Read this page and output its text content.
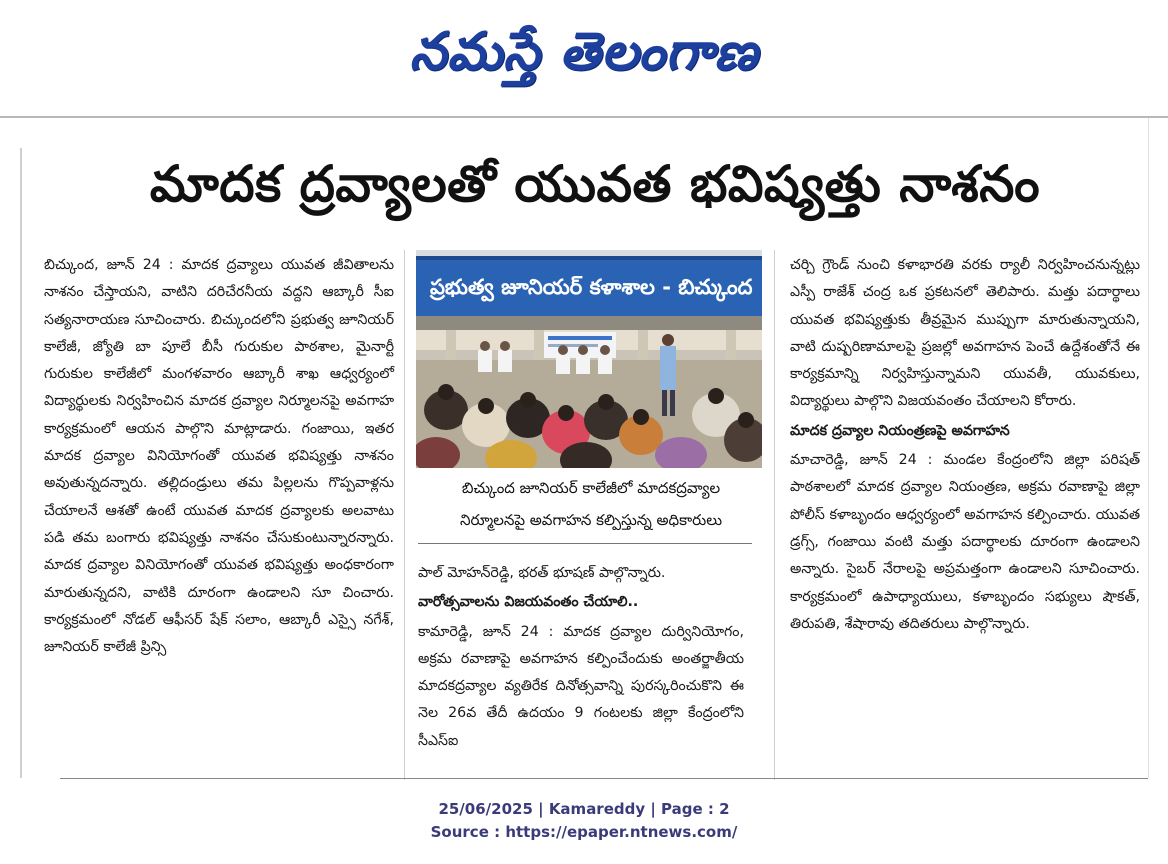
నమస్తే తెలంగాణ
మాదక ద్రవ్యాలతో యువత భవిష్యత్తు నాశనం

బిచ్కుంద, జూన్ 24 : మాదక ద్రవ్యాలు యువత జీవితాలను నాశనం చేస్తాయని, వాటిని దరిచేరనీయ వద్దని ఆబ్కారీ సీఐ సత్యనారాయణ సూచించారు. బిచ్కుందలోని ప్రభుత్వ జూనియర్ కాలేజీ, జ్యోతి బా పూలే బీసీ గురుకుల పాఠశాల, మైనార్టీ గురుకుల కాలేజీలో మంగళవారం ఆబ్కారీ శాఖ ఆధ్వర్యంలో విద్యార్థులకు నిర్వహించిన మాదక ద్రవ్యాల నిర్మూలనపై అవగాహ కార్యక్రమంలో ఆయన పాల్గొని మాట్లాడారు. గంజాయి, ఇతర మాదక ద్రవ్యాల వినియోగంతో యువత భవిష్యత్తు నాశనం అవుతున్నదన్నారు. తల్లిదండ్రులు తమ పిల్లలను గొప్పవాళ్లను చేయాలనే ఆశతో ఉంటే యువత మాదక ద్రవ్యాలకు అలవాటు పడి తమ బంగారు భవిష్యత్తు నాశనం చేసుకుంటున్నారన్నారు. మాదక ద్రవ్యాల వినియోగంతో యువత భవిష్యత్తు అంధకారంగా మారుతున్నదని, వాటికి దూరంగా ఉండాలని సూ చించారు. కార్యక్రమంలో నోడల్ ఆఫీసర్ షేక్ సలాం, ఆబ్కారీ ఎస్సై నగేశ్, జూనియర్ కాలేజీ ప్రిన్సి

ప్రభుత్వ జూనియర్ కళాశాల - బిచ్కుంద
బిచ్కుంద జూనియర్ కాలేజీలో మాదకద్రవ్యాల
నిర్మూలనపై అవగాహన కల్పిస్తున్న అధికారులు

పాల్ మోహన్‌రెడ్డి, భరత్ భూషణ్ పాల్గొన్నారు.

వారోత్సవాలను విజయవంతం చేయాలి..

కామారెడ్డి, జూన్ 24 : మాదక ద్రవ్యాల దుర్వినియోగం, అక్రమ రవాణాపై అవగాహన కల్పించేందుకు అంతర్జాతీయ మాదకద్రవ్యాల వ్యతిరేక దినోత్సవాన్ని పురస్కరించుకొని ఈ నెల 26వ తేదీ ఉదయం 9 గంటలకు జిల్లా కేంద్రంలోని సీఎస్ఐ

చర్చి గ్రౌండ్ నుంచి కళాభారతి వరకు ర్యాలీ నిర్వహించనున్నట్లు ఎస్పీ రాజేశ్ చంద్ర ఒక ప్రకటనలో తెలిపారు. మత్తు పదార్థాలు యువత భవిష్యత్తుకు తీవ్రమైన ముప్పుగా మారుతున్నాయని, వాటి దుష్పరిణామాలపై ప్రజల్లో అవగాహన పెంచే ఉద్దేశంతోనే ఈ కార్యక్రమాన్ని నిర్వహిస్తున్నామని యువతీ, యువకులు, విద్యార్థులు పాల్గొని విజయవంతం చేయాలని కోరారు.

మాదక ద్రవ్యాల నియంత్రణపై అవగాహన

మాచారెడ్డి, జూన్ 24 : మండల కేంద్రంలోని జిల్లా పరిషత్ పాఠశాలలో మాదక ద్రవ్యాల నియంత్రణ, అక్రమ రవాణాపై జిల్లా పోలీస్ కళాబృందం ఆధ్వర్యంలో అవగాహన కల్పించారు. యువత డ్రగ్స్, గంజాయి వంటి మత్తు పదార్థాలకు దూరంగా ఉండాలని అన్నారు. సైబర్ నేరాలపై అప్రమత్తంగా ఉండాలని సూచించారు. కార్యక్రమంలో ఉపాధ్యాయులు, కళాబృందం సభ్యులు షౌకత్, తిరుపతి, శేషారావు తదితరులు పాల్గొన్నారు.

25/06/2025 | Kamareddy | Page : 2
Source : https://epaper.ntnews.com/
